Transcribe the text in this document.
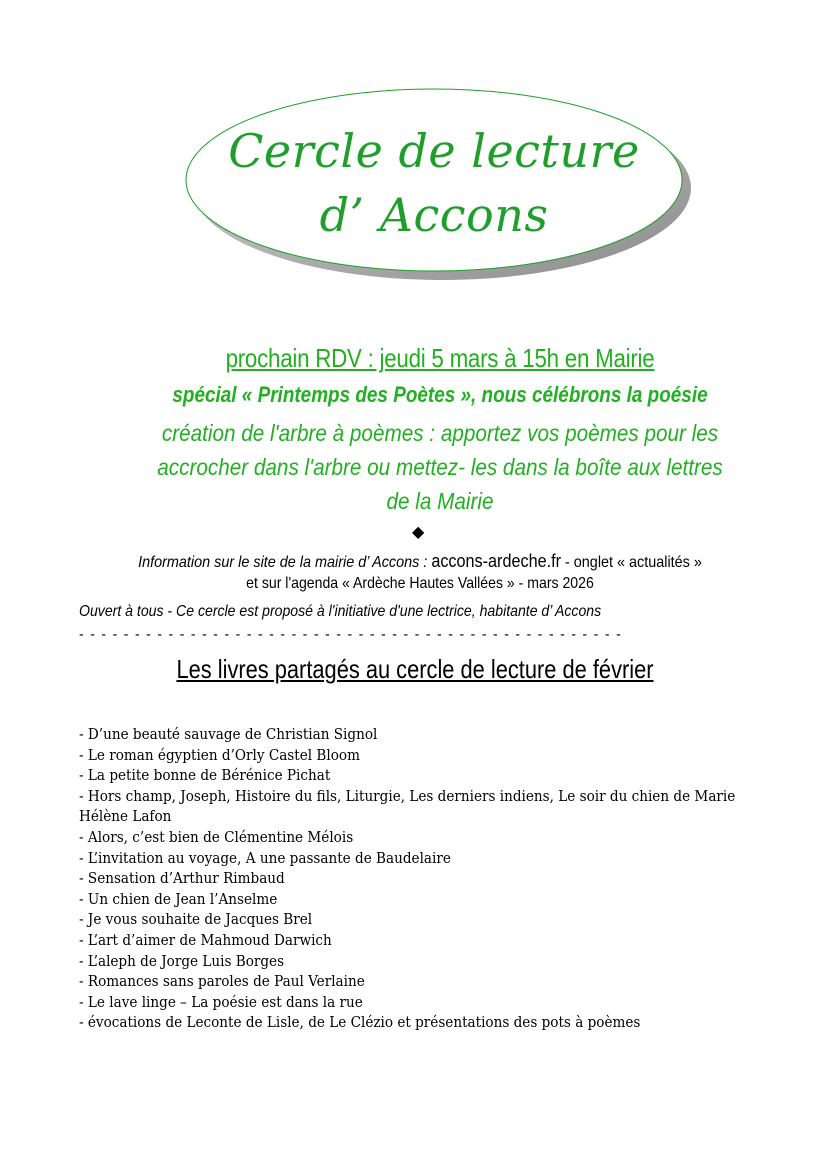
Cercle de lecture
d’ Accons
prochain RDV : jeudi 5 mars à 15h en Mairie
spécial « Printemps des Poètes », nous célébrons la poésie
création de l'arbre à poèmes : apportez vos poèmes pour les accrocher dans l'arbre ou mettez- les dans la boîte aux lettres de la Mairie
◆
Information sur le site de la mairie d’ Accons : accons-ardeche.fr - onglet « actualités »
et sur l'agenda « Ardèche Hautes Vallées » - mars 2026
Ouvert à tous - Ce cercle est proposé à l'initiative d'une lectrice, habitante d’ Accons
- - - - - - - - - - - - - - - - - - - - - - - - - - - - - - - - - - - - - - - - - - - - - - - - -
Les livres partagés au cercle de lecture de février
- D’une beauté sauvage de Christian Signol
- Le roman égyptien d’Orly Castel Bloom
- La petite bonne de Bérénice Pichat
- Hors champ, Joseph, Histoire du fils, Liturgie, Les derniers indiens, Le soir du chien de Marie Hélène Lafon
- Alors, c’est bien de Clémentine Mélois
- L’invitation au voyage, A une passante de Baudelaire
- Sensation d’Arthur Rimbaud
- Un chien de Jean l’Anselme
- Je vous souhaite de Jacques Brel
- L’art d’aimer de Mahmoud Darwich
- L’aleph de Jorge Luis Borges
- Romances sans paroles de Paul Verlaine
- Le lave linge – La poésie est dans la rue
- évocations de Leconte de Lisle, de Le Clézio et présentations des pots à poèmes
